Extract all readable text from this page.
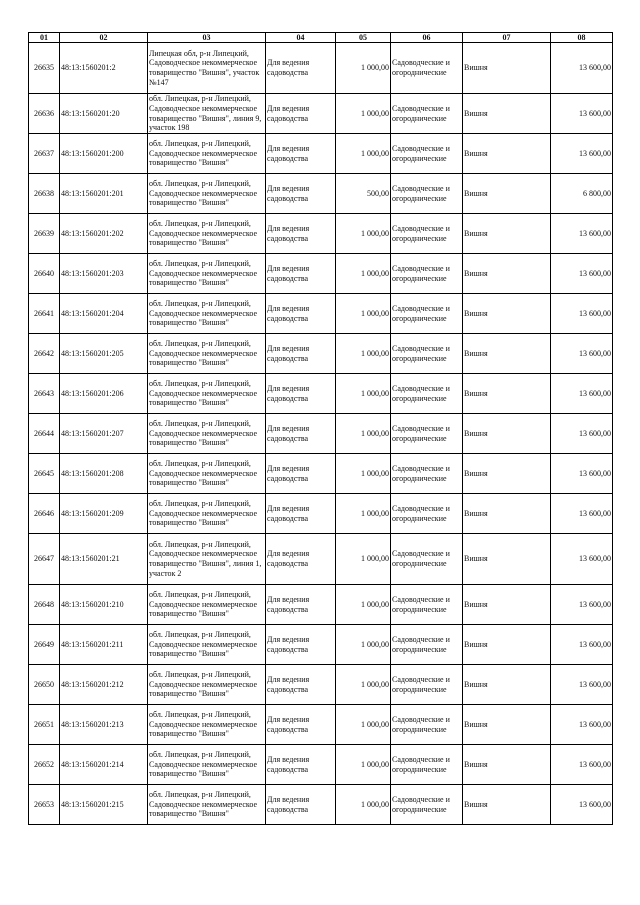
01	02	03	04	05	06	07	08
26635	48:13:1560201:2	Липецкая обл, р-н Липецкий, Садоводческое некоммерческое товарищество "Вишня", участок №147	Для ведения садоводства	1 000,00	Садоводческие и огороднические	Вишня	13 600,00
26636	48:13:1560201:20	обл. Липецкая, р-н Липецкий, Садоводческое некоммерческое товарищество "Вишня", линия 9, участок 198	Для ведения садоводства	1 000,00	Садоводческие и огороднические	Вишня	13 600,00
26637	48:13:1560201:200	обл. Липецкая, р-н Липецкий, Садоводческое некоммерческое товарищество "Вишня"	Для ведения садоводства	1 000,00	Садоводческие и огороднические	Вишня	13 600,00
26638	48:13:1560201:201	обл. Липецкая, р-н Липецкий, Садоводческое некоммерческое товарищество "Вишня"	Для ведения садоводства	500,00	Садоводческие и огороднические	Вишня	6 800,00
26639	48:13:1560201:202	обл. Липецкая, р-н Липецкий, Садоводческое некоммерческое товарищество "Вишня"	Для ведения садоводства	1 000,00	Садоводческие и огороднические	Вишня	13 600,00
26640	48:13:1560201:203	обл. Липецкая, р-н Липецкий, Садоводческое некоммерческое товарищество "Вишня"	Для ведения садоводства	1 000,00	Садоводческие и огороднические	Вишня	13 600,00
26641	48:13:1560201:204	обл. Липецкая, р-н Липецкий, Садоводческое некоммерческое товарищество "Вишня"	Для ведения садоводства	1 000,00	Садоводческие и огороднические	Вишня	13 600,00
26642	48:13:1560201:205	обл. Липецкая, р-н Липецкий, Садоводческое некоммерческое товарищество "Вишня"	Для ведения садоводства	1 000,00	Садоводческие и огороднические	Вишня	13 600,00
26643	48:13:1560201:206	обл. Липецкая, р-н Липецкий, Садоводческое некоммерческое товарищество "Вишня"	Для ведения садоводства	1 000,00	Садоводческие и огороднические	Вишня	13 600,00
26644	48:13:1560201:207	обл. Липецкая, р-н Липецкий, Садоводческое некоммерческое товарищество "Вишня"	Для ведения садоводства	1 000,00	Садоводческие и огороднические	Вишня	13 600,00
26645	48:13:1560201:208	обл. Липецкая, р-н Липецкий, Садоводческое некоммерческое товарищество "Вишня"	Для ведения садоводства	1 000,00	Садоводческие и огороднические	Вишня	13 600,00
26646	48:13:1560201:209	обл. Липецкая, р-н Липецкий, Садоводческое некоммерческое товарищество "Вишня"	Для ведения садоводства	1 000,00	Садоводческие и огороднические	Вишня	13 600,00
26647	48:13:1560201:21	обл. Липецкая, р-н Липецкий, Садоводческое некоммерческое товарищество "Вишня", линия 1, участок 2	Для ведения садоводства	1 000,00	Садоводческие и огороднические	Вишня	13 600,00
26648	48:13:1560201:210	обл. Липецкая, р-н Липецкий, Садоводческое некоммерческое товарищество "Вишня"	Для ведения садоводства	1 000,00	Садоводческие и огороднические	Вишня	13 600,00
26649	48:13:1560201:211	обл. Липецкая, р-н Липецкий, Садоводческое некоммерческое товарищество "Вишня"	Для ведения садоводства	1 000,00	Садоводческие и огороднические	Вишня	13 600,00
26650	48:13:1560201:212	обл. Липецкая, р-н Липецкий, Садоводческое некоммерческое товарищество "Вишня"	Для ведения садоводства	1 000,00	Садоводческие и огороднические	Вишня	13 600,00
26651	48:13:1560201:213	обл. Липецкая, р-н Липецкий, Садоводческое некоммерческое товарищество "Вишня"	Для ведения садоводства	1 000,00	Садоводческие и огороднические	Вишня	13 600,00
26652	48:13:1560201:214	обл. Липецкая, р-н Липецкий, Садоводческое некоммерческое товарищество "Вишня"	Для ведения садоводства	1 000,00	Садоводческие и огороднические	Вишня	13 600,00
26653	48:13:1560201:215	обл. Липецкая, р-н Липецкий, Садоводческое некоммерческое товарищество "Вишня"	Для ведения садоводства	1 000,00	Садоводческие и огороднические	Вишня	13 600,00
